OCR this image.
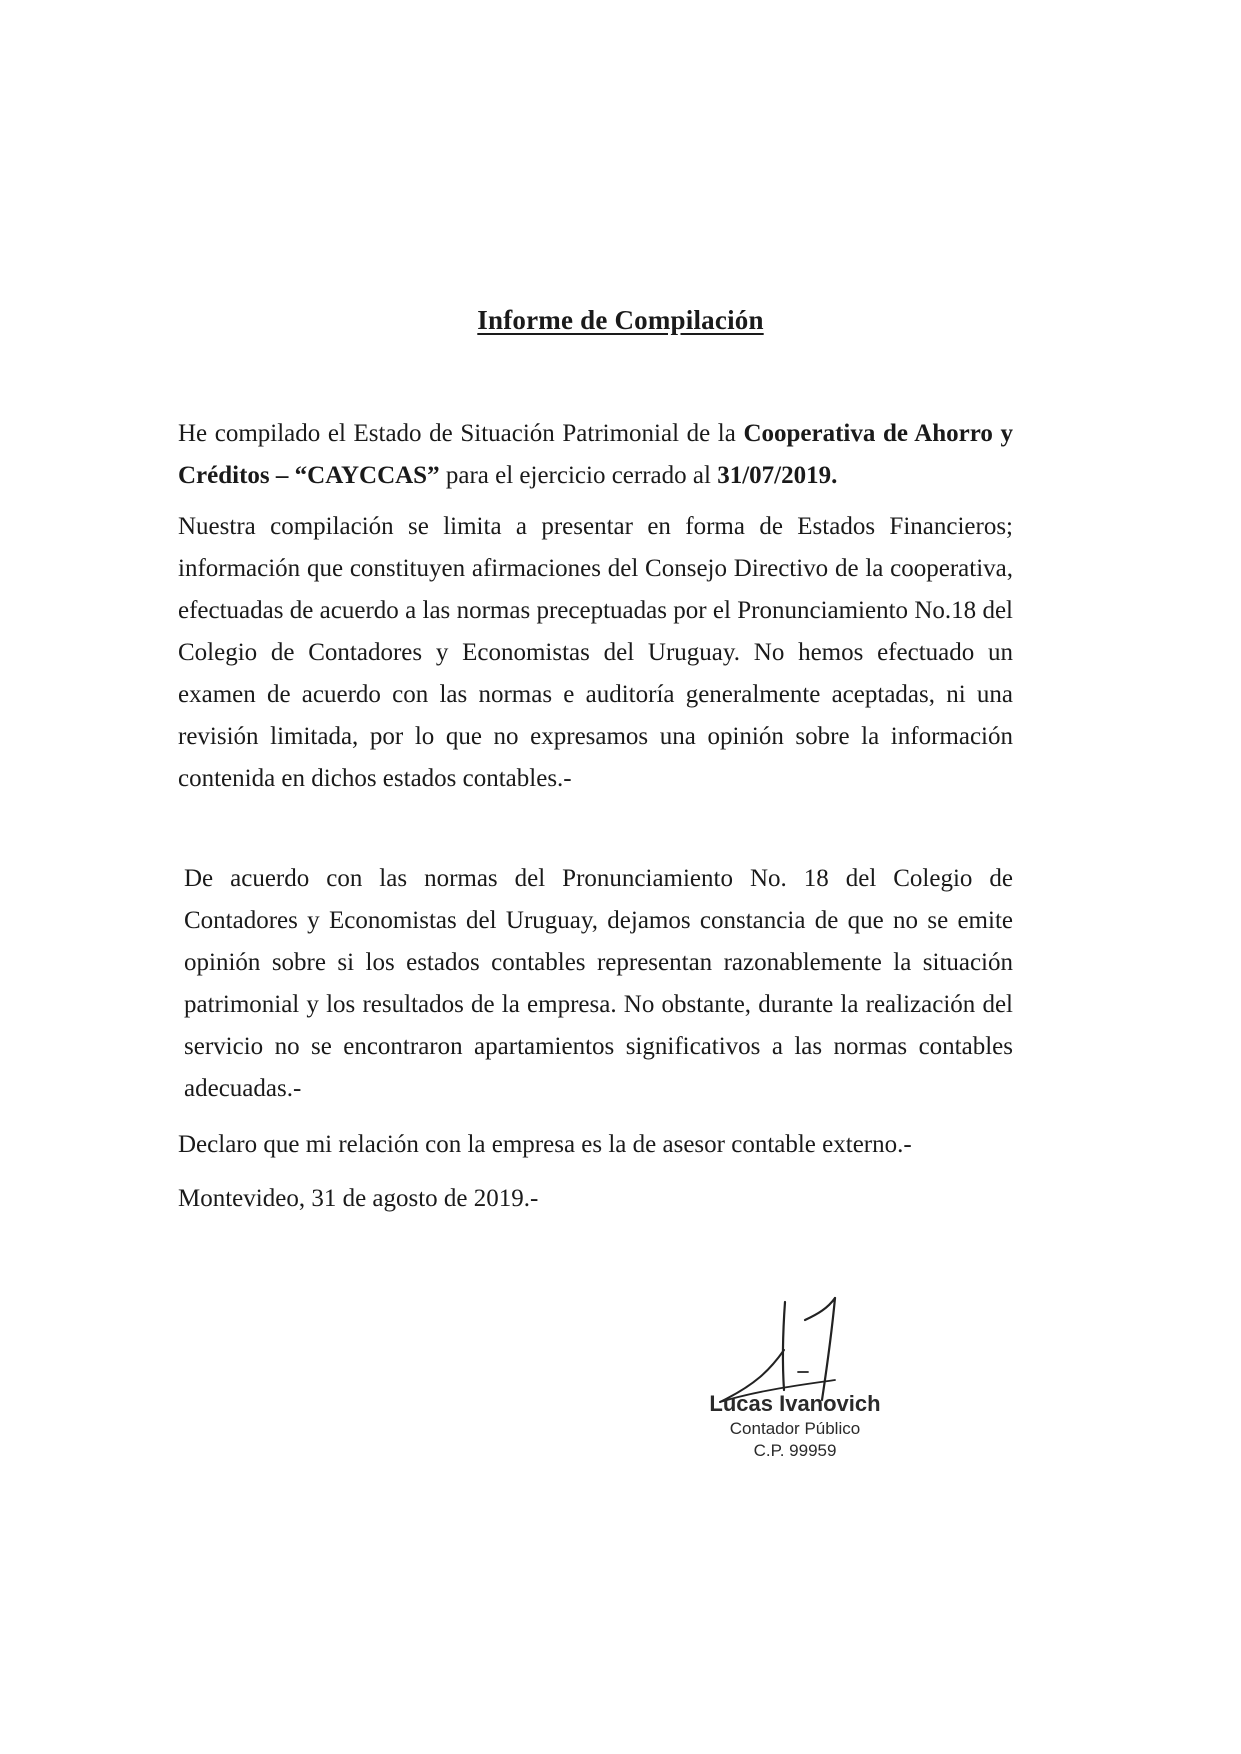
Informe de Compilación

He compilado el Estado de Situación Patrimonial de la Cooperativa de Ahorro y Créditos – “CAYCCAS” para el ejercicio cerrado al 31/07/2019.

Nuestra compilación se limita a presentar en forma de Estados Financieros; información que constituyen afirmaciones del Consejo Directivo de la cooperativa, efectuadas de acuerdo a las normas preceptuadas por el Pronunciamiento No.18 del Colegio de Contadores y Economistas del Uruguay. No hemos efectuado un examen de acuerdo con las normas e auditoría generalmente aceptadas, ni una revisión limitada, por lo que no expresamos una opinión sobre la información contenida en dichos estados contables.-

De acuerdo con las normas del Pronunciamiento No. 18 del Colegio de Contadores y Economistas del Uruguay, dejamos constancia de que no se emite opinión sobre si los estados contables representan razonablemente la situación patrimonial y los resultados de la empresa. No obstante, durante la realización del servicio no se encontraron apartamientos significativos a las normas contables adecuadas.-

Declaro que mi relación con la empresa es la de asesor contable externo.-

Montevideo, 31 de agosto de 2019.-

Lucas Ivanovich
Contador Público
C.P. 99959
